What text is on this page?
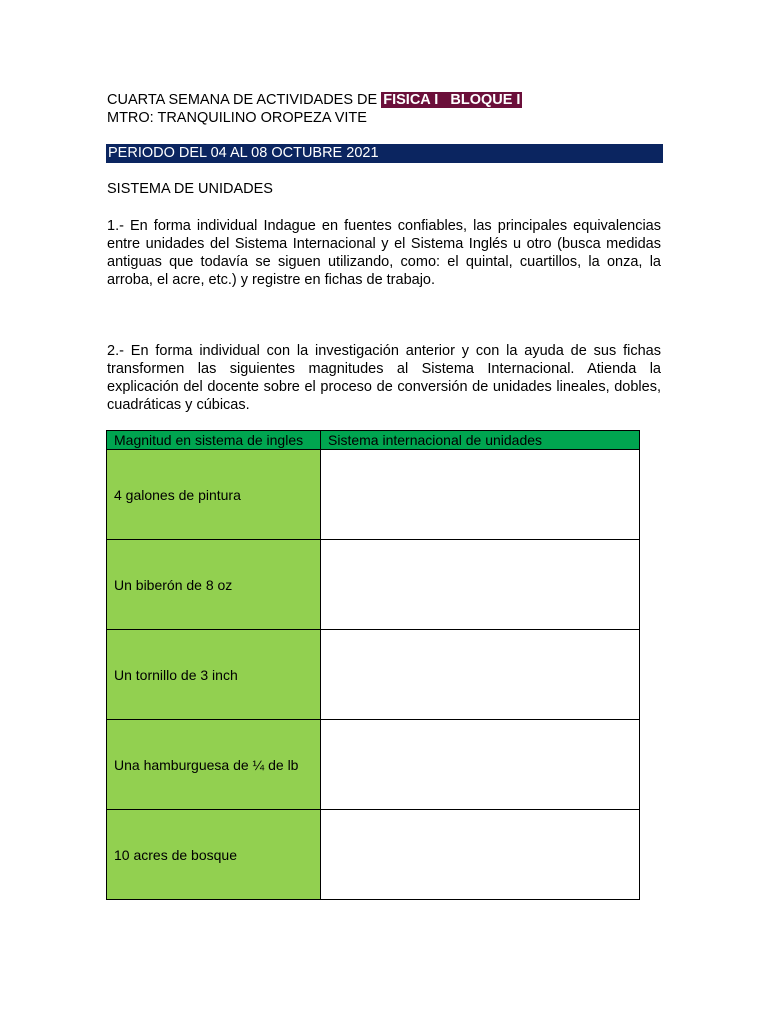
CUARTA SEMANA DE ACTIVIDADES DE FISICA I   BLOQUE I
MTRO: TRANQUILINO OROPEZA VITE
PERIODO DEL 04 AL 08 OCTUBRE 2021
SISTEMA DE UNIDADES
1.- En forma individual Indague en fuentes confiables, las principales equivalencias entre unidades del Sistema Internacional y el Sistema Inglés u otro (busca medidas antiguas que todavía se siguen utilizando, como: el quintal, cuartillos, la onza, la arroba, el acre, etc.) y registre en fichas de trabajo.
2.- En forma individual con la investigación anterior y con la ayuda de sus fichas transformen las siguientes magnitudes al Sistema Internacional. Atienda la explicación del docente sobre el proceso de conversión de unidades lineales, dobles, cuadráticas y cúbicas.
Magnitud en sistema de ingles	Sistema internacional de unidades
4 galones de pintura	
Un biberón de 8 oz	
Un tornillo de 3 inch	
Una hamburguesa de ¼ de lb	
10 acres de bosque	
